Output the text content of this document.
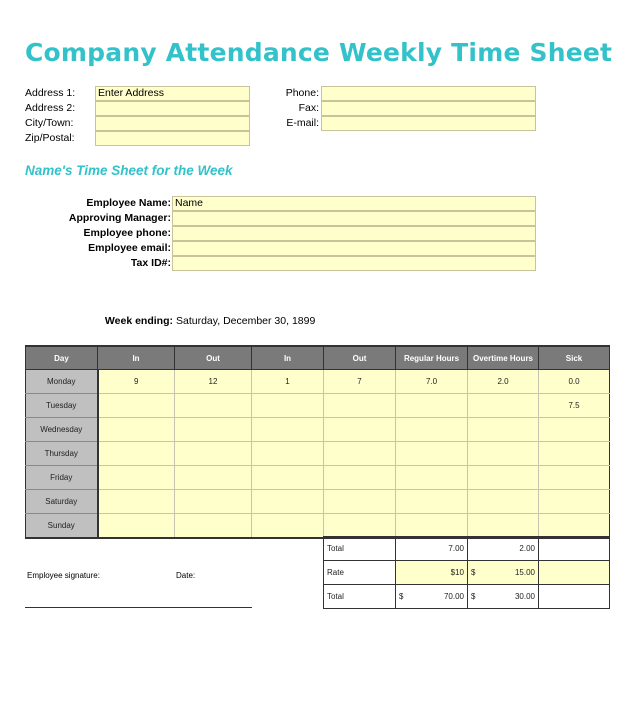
Company Attendance Weekly Time Sheet
Address 1: Enter Address
Address 2:
City/Town:
Zip/Postal:
Phone:
Fax:
E-mail:
Name's Time Sheet for the Week
Employee Name: Name
Approving Manager:
Employee phone:
Employee email:
Tax ID#:
Week ending: Saturday, December 30, 1899
Day	In	Out	In	Out	Regular Hours	Overtime Hours	Sick
Monday	9	12	1	7	7.0	2.0	0.0
Tuesday							7.5
Wednesday							
Thursday							
Friday							
Saturday							
Sunday							
Total	7.00	2.00	
Rate	$10	$ 15.00	

Total	$ 70.00	$ 30.00	

Employee signature:	Date:
